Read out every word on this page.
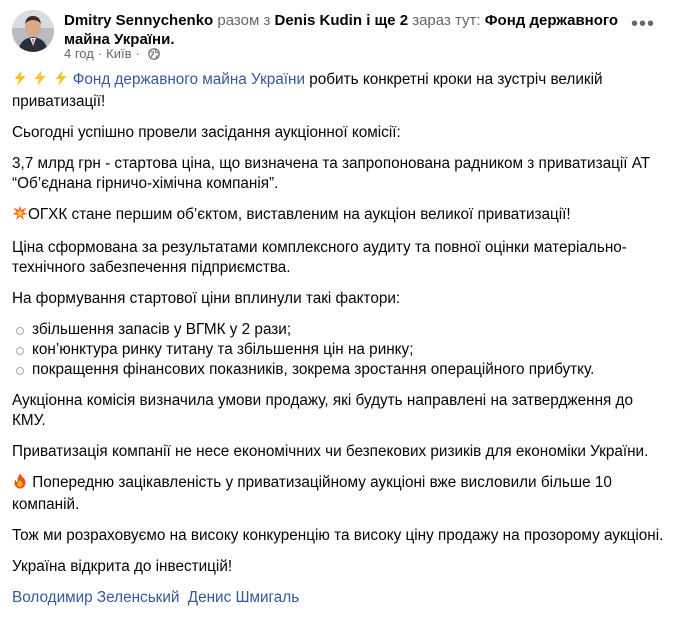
Dmitry Sennychenko разом з Denis Kudin і ще 2 зараз тут: Фонд державного майна України.
4 год · Київ ·
•••

Фонд державного майна України робить конкретні кроки на зустріч великій приватизації!

Сьогодні успішно провели засідання аукціонної комісії:

3,7 млрд грн - стартова ціна, що визначена та запропонована радником з приватизації АТ “Об’єднана гірничо-хімічна компанія”.

ОГХК стане першим об’єктом, виставленим на аукціон великої приватизації!

Ціна сформована за результатами комплексного аудиту та повної оцінки матеріально-технічного забезпечення підприємства.

На формування стартової ціни вплинули такі фактори:

збільшення запасів у ВГМК у 2 рази;
кон’юнктура ринку титану та збільшення цін на ринку;
покращення фінансових показників, зокрема зростання операційного прибутку.

Аукціонна комісія визначила умови продажу, які будуть направлені на затвердження до КМУ.

Приватизація компанії не несе економічних чи безпекових ризиків для економіки України.

Попередню зацікавленість у приватизаційному аукціоні вже висловили більше 10 компаній.

Тож ми розраховуємо на високу конкуренцію та високу ціну продажу на прозорому аукціоні.

Україна відкрита до інвестицій!

Володимир Зеленський Денис Шмигаль
